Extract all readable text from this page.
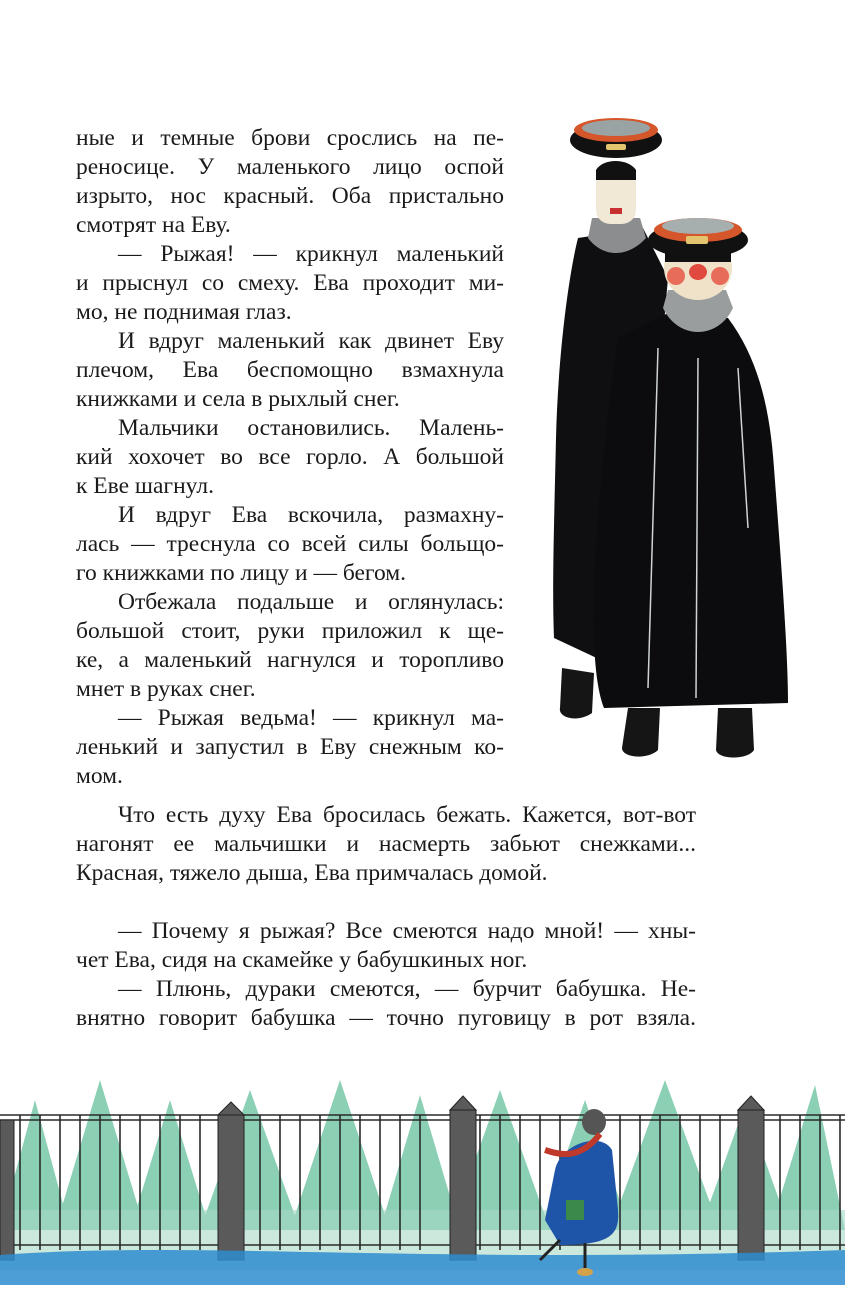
ные и темные брови срослись на пе-
реносице. У маленького лицо оспой
изрыто, нос красный. Оба пристально
смотрят на Еву.
— Рыжая! — крикнул маленький
и прыснул со смеху. Ева проходит ми-
мо, не поднимая глаз.
И вдруг маленький как двинет Еву
плечом, Ева беспомощно взмахнула
книжками и села в рыхлый снег.
Мальчики остановились. Малень-
кий хохочет во все горло. А большой
к Еве шагнул.
И вдруг Ева вскочила, размахну-
лась — треснула со всей силы больщо-
го книжками по лицу и — бегом.
Отбежала подальше и оглянулась:
большой стоит, руки приложил к ще-
ке, а маленький нагнулся и торопливо
мнет в руках снег.
— Рыжая ведьма! — крикнул ма-
ленький и запустил в Еву снежным ко-
мом.
Что есть духу Ева бросилась бежать. Кажется, вот-вот
нагонят ее мальчишки и насмерть забьют снежками...
Красная, тяжело дыша, Ева примчалась домой.
— Почему я рыжая? Все смеются надо мной! — хны-
чет Ева, сидя на скамейке у бабушкиных ног.
— Плюнь, дураки смеются, — бурчит бабушка. Не-
внятно говорит бабушка — точно пуговицу в рот взяла.
